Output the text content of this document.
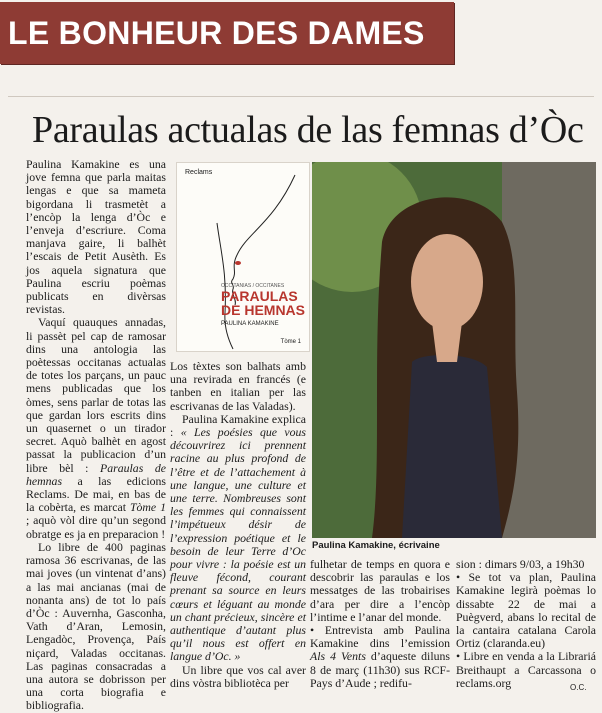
LE BONHEUR DES DAMES
Paraulas actualas de las femnas d’Òc

Paulina Kamakine es una jove femna que parla maitas lengas e que sa mameta bigordana li trasmetèt a l’encòp la lenga d’Òc e l’enveja d’escriure. Coma manjava gaire, li balhèt l’escais de Petit Ausèth. Es jos aquela signatura que Paulina escriu poèmas publicats en divèrsas revistas.

Vaquí quauques annadas, li passèt pel cap de ramosar dins una antologia las poètessas occitanas actualas de totes los parçans, un pauc mens publicadas que los òmes, sens parlar de totas las que gardan lors escrits dins un quasernet o un tirador secret. Aquò balhèt en agost passat la publicacion d’un libre bèl : Paraulas de hemnas a las edicions Reclams. De mai, en bas de la cobèrta, es marcat Tòme 1 ; aquò vòl dire qu’un segond obratge es ja en preparacion !

Lo libre de 400 paginas ramosa 36 escrivanas, de las mai joves (un vintenat d’ans) a las mai ancianas (mai de nonanta ans) de tot lo país d’Òc : Auvernha, Gasconha, Vath d’Aran, Lemosin, Lengadòc, Provença, País niçard, Valadas occitanas. Las paginas consacradas a una autora se dobrisson per una corta biografia e bibliografia.

Reclams
OCCITANIAS / OCCITANES
PARAULAS
DE HEMNAS
PAULINA KAMAKINE
Tòme 1
Paulina Kamakine, écrivaine

Los tèxtes son balhats amb una revirada en francés (e tanben en italian per las escrivanas de las Valadas).

Paulina Kamakine explica : « Les poésies que vous découvrirez ici prennent racine au plus profond de l’être et de l’attachement à une langue, une culture et une terre. Nombreuses sont les femmes qui connaissent l’impétueux désir de l’expression poétique et le besoin de leur Terre d’Oc pour vivre : la poésie est un fleuve fécond, courant prenant sa source en leurs cœurs et léguant au monde un chant précieux, sincère et authentique d’autant plus qu’il nous est offert en langue d’Oc. »

Un libre que vos cal aver dins vòstra bibliotèca per

fulhetar de temps en quora e descobrir las paraulas e los messatges de las trobairises d’ara per dire a l’encòp l’intime e l’anar del monde.

• Entrevista amb Paulina Kamakine dins l’emission Als 4 Vents d’aqueste diluns 8 de març (11h30) sus RCF-Pays d’Aude ; redifu-

sion : dimars 9/03, a 19h30

• Se tot va plan, Paulina Kamakine legirà poèmas lo dissabte 22 de mai a Puègverd, abans lo recital de la cantaira catalana Carola Ortiz (claranda.eu)

• Libre en venda a la Librariá Breithaupt a Carcassona o reclams.org	O.C.
